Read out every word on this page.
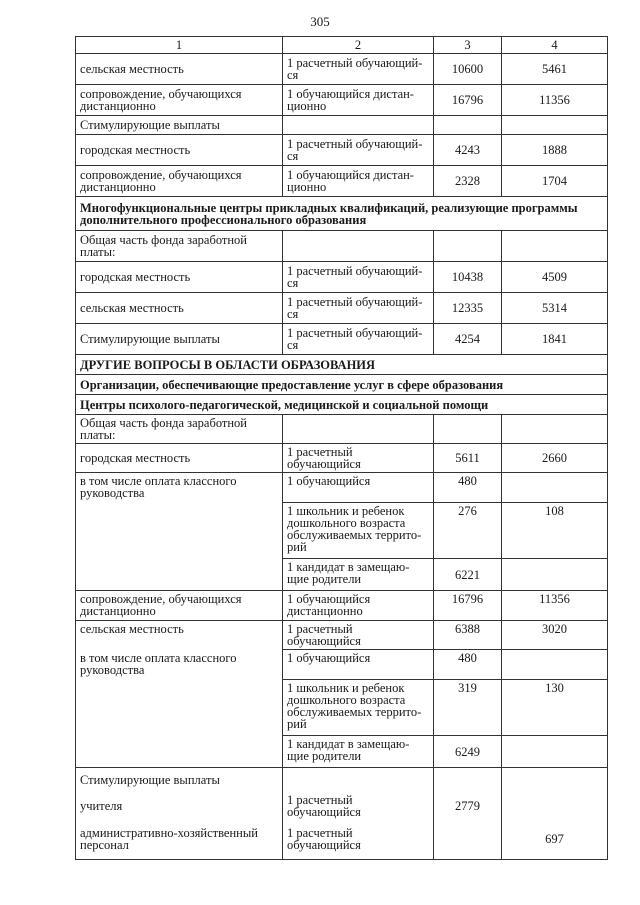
305
1	2	3	4
сельская местность	1 расчетный обучающий-ся	10600	5461
сопровождение, обучающихся дистанционно	1 обучающийся дистан-ционно	16796	11356
Стимулирующие выплаты			
городская местность	1 расчетный обучающий-ся	4243	1888
сопровождение, обучающихся дистанционно	1 обучающийся дистан-ционно	2328	1704
Многофункциональные центры прикладных квалификаций, реализующие программы дополнительного профессионального образования			
Общая часть фонда заработной платы:			
городская местность	1 расчетный обучающий-ся	10438	4509
сельская местность	1 расчетный обучающий-ся	12335	5314
Стимулирующие выплаты	1 расчетный обучающий-ся	4254	1841
ДРУГИЕ ВОПРОСЫ В ОБЛАСТИ ОБРАЗОВАНИЯ			
Организации, обеспечивающие предоставление услуг в сфере образования			
Центры психолого-педагогической, медицинской и социальной помощи			
Общая часть фонда заработной платы:			
городская местность	1 расчетный обучающийся	5611	2660
в том числе оплата классного руководства	1 обучающийся	480	
	1 школьник и ребенок дошкольного возраста обслуживаемых террито-рий	276	108
	1 кандидат в замещаю-щие родители	6221	
сопровождение, обучающихся дистанционно	1 обучающийся дистанционно	16796	11356
сельская местность	1 расчетный обучающийся	6388	3020
в том числе оплата классного руководства	1 обучающийся	480	
	1 школьник и ребенок дошкольного возраста обслуживаемых террито-рий	319	130
	1 кандидат в замещаю-щие родители	6249	
Стимулирующие выплаты			
учителя	1 расчетный обучающийся	2779	
административно-хозяйственный персонал	1 расчетный обучающийся		697
